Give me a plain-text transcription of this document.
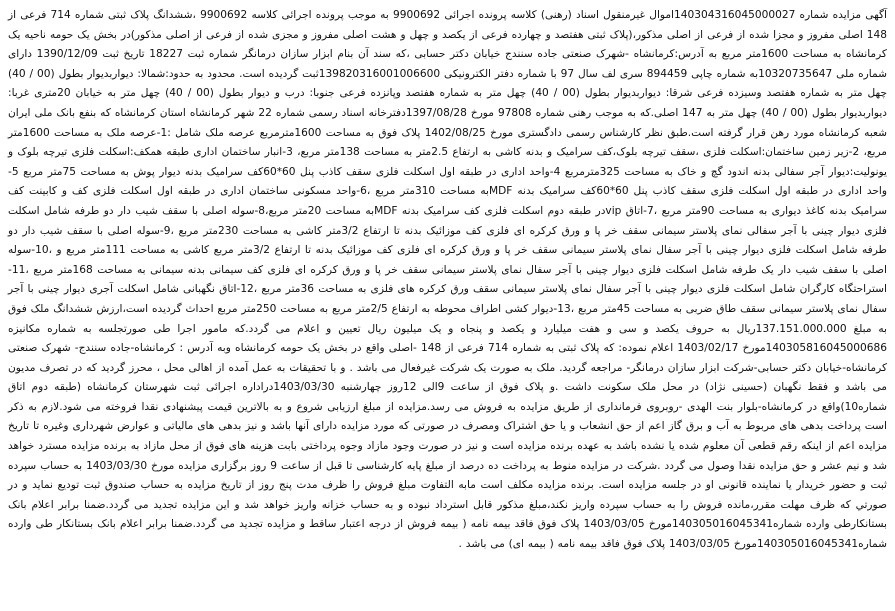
آگهی مزایده شماره 140304316045000027اموال غیرمنقول اسناد (رهنی) کلاسه پرونده اجرائی 9900692 به موجب پرونده اجرائی کلاسه 9900692 ،ششدانگ پلاک ثبتی شماره 714 فرعی از 148 اصلی مفروز و مجزا شده از فرعی از اصلی مذکور،(پلاک ثبتی هفتصد و چهارده فرعی از یکصد و چهل و هشت اصلی مفروز و مجزی شده از فرعی از اصلی مذکور)در بخش یک حومه ناحیه یک کرمانشاه به مساحت 1600متر مربع به آدرس:کرمانشاه -شهرک صنعتی جاده سنندج خیابان دکتر حسابی ،که سند آن بنام ابزار سازان درمانگر شماره ثبت 18227 تاریخ ثبت 1390/12/09 دارای شماره ملی 10320735647به شماره چاپی 894459 سری لف سال 97 با شماره دفتر الکترونیکی 139820316001006600ثبت گردیده است. محدود به حدود:شمالا: دیواربدیوار بطول (00 / 40) چهل متر به شماره هفتصد وسیزده فرعی شرقا: دیواربدیوار بطول (00 / 40) چهل متر به شماره هفتصد وپانزده فرعی جنوبا: درب و دیوار بطول (00 / 40) چهل متر به خیابان 20متری غربا: دیواربدیوار بطول (00 / 40) چهل متر به 147 اصلی.که به موجب رهنی شماره 97808 مورخ 1397/08/28دفترخانه اسناد رسمی شماره 22 شهر کرمانشاه استان کرمانشاه که بنفع بانک ملی ایران شعبه کرمانشاه مورد رهن قرار گرفته است.طبق نظر کارشناس رسمی دادگستری مورخ 1402/08/25 پلاک فوق به مساحت 1600مترمربع عرصه ملک شامل :1-عرصه ملک به مساحت 1600متر مربع، 2-زیر زمین ساختمان:اسکلت فلزی ،سقف تیرچه بلوک،کف سرامیک و بدنه کاشی به ارتفاع 2.5متر به مساحت 138متر مربع، 3-انبار ساختمان اداری طبقه همکف:اسکلت فلزی تیرچه بلوک و یونولیت:دیوار آجر سفالی بدنه اندود گچ و خاک به مساحت 325مترمربع 4-واحد اداری در طبقه اول اسکلت فلزی سقف کاذب پنل 60*60کف سرامیک بدنه دیوار پوش به مساحت 75متر مربع 5-واحد اداری در طبقه اول اسکلت فلزی سقف کاذب پنل 60*60کف سرامیک بدنه MDFبه مساحت 310متر مربع ،6-واحد مسکونی ساختمان اداری در طبقه اول اسکلت فلزی کف و کابینت کف سرامیک بدنه کاغذ دیواری به مساحت 90متر مربع ،7-اتاق vipدر طبقه دوم اسکلت فلزی کف سرامیک بدنه MDFبه مساحت 20متر مربع،8-سوله اصلی با سقف شیب دار دو طرفه شامل اسکلت فلزی دیوار چینی با آجر سفالی نمای پلاستر سیمانی سقف خر پا و ورق کرکره ای فلزی کف موزائیک بدنه تا ارتفاع 3/2متر کاشی به مساحت 230متر مربع ،9-سوله اصلی با سقف شیب دار دو طرفه شامل اسکلت فلزی دیوار چینی با آجر سفال نمای پلاستر سیمانی سقف خر پا و ورق کرکره ای فلزی کف موزائیک بدنه تا ارتفاع 3/2متر مربع کاشی به مساحت 111متر مربع و ،10-سوله اصلی با سقف شیب دار یک طرفه شامل اسکلت فلزی دیوار چینی با آجر سفال نمای پلاستر سیمانی سقف خر پا و ورق کرکره ای فلزی کف سیمانی بدنه سیمانی به مساحت 168متر مربع ،11-استراحتگاه کارگران شامل اسکلت فلزی دیوار چینی با آجر سفال نمای پلاستر سیمانی سقف ورق کرکره های فلزی به مساحت 36متر مربع ،12-اتاق نگهبانی شامل اسکلت آجری دیوار چینی با آجر سفال نمای پلاستر سیمانی سقف طاق ضربی به مساحت 45متر مربع ،13-دیوار کشی اطراف محوطه به ارتفاع 2/5متر مربع به مساحت 250متر مربع احداث گردیده است،ارزش ششدانگ ملک فوق به مبلغ 137.151.000.000ریال به حروف یکصد و سی و هفت میلیارد و یکصد و پنجاه و یک میلیون ریال تعیین و اعلام می گردد.که مامور اجرا طی صورتجلسه به شماره مکانیزه 140305816045000686مورخ 1403/02/17 اعلام نموده: که پلاک ثبتی به شماره 714 فرعی از 148 -اصلی واقع در بخش یک حومه کرمانشاه وبه آدرس : کرمانشاه-جاده سنندج- شهرک صنعتی کرمانشاه-خیابان دکتر حسابی-شرکت ابزار سازان درمانگر- مراجعه گردید. ملک به صورت یک شرکت غیرفعال می باشد . و با تحقیقات به عمل آمده از اهالی محل ، محرز گردید که در تصرف مدیون می باشد و فقط نگهبان (حسینی نژاد) در محل ملک سکونت داشت .و پلاک فوق از ساعت 9الی 12روز چهارشنبه 1403/03/30دراداره اجرائی ثبت شهرستان کرمانشاه (طبقه دوم اتاق شماره10)واقع در کرمانشاه-بلوار بنت الهدی -روبروی فرمانداری از طریق مزایده به فروش می رسد.مزایده از مبلغ ارزیابی شروع و به بالاترین قیمت پیشنهادی نقدا فروخته می شود.لازم به ذکر است پرداخت بدهی های مربوط به آب و برق گاز اعم از حق انشعاب و یا حق اشتراک ومصرف در صورتی که مورد مزایده دارای آنها باشد و نیز بدهی های مالیاتی و عوارض شهرداری وغیره تا تاریخ مزایده اعم از اینکه رقم قطعی آن معلوم شده یا نشده باشد به عهده برنده مزایده است و نیز در صورت وجود مازاد وجوه پرداختی بابت هزینه های فوق از محل مازاد به برنده مزایده مسترد خواهد شد و نیم عشر و حق مزایده نقدا وصول می گردد .شرکت در مزایده منوط به پرداخت ده درصد از مبلغ پایه کارشناسی تا قبل از ساعت 9 روز برگزاری مزایده مورخ 1403/03/30 به حساب سپرده ثبت و حضور خریدار یا نماینده قانونی او در جلسه مزایده است. برنده مزایده مکلف است مابه التفاوت مبلغ فروش را ظرف مدت پنج روز از تاریخ مزایده به حساب صندوق ثبت توديع نمايد و در صورتي كه ظرف مهلت مقرر،مانده فروش را به حساب سپرده واريز نكند،مبلغ مذكور قابل استرداد نبوده و به حساب خزانه واريز خواهد شد و اين مزايده تجديد می گردد.ضمنا برابر اعلام بانک بستانکارطی وارده شماره140305016045341مورخ 1403/03/05 پلاک فوق فاقد بیمه نامه ( بیمه فروش از درجه اعتبار ساقط و مزایده تجدید می گردد.ضمنا برابر اعلام بانک بستانکار طی وارده شماره140305016045341مورخ 1403/03/05 پلاک فوق فاقد بیمه نامه ( بیمه ای) می باشد .
